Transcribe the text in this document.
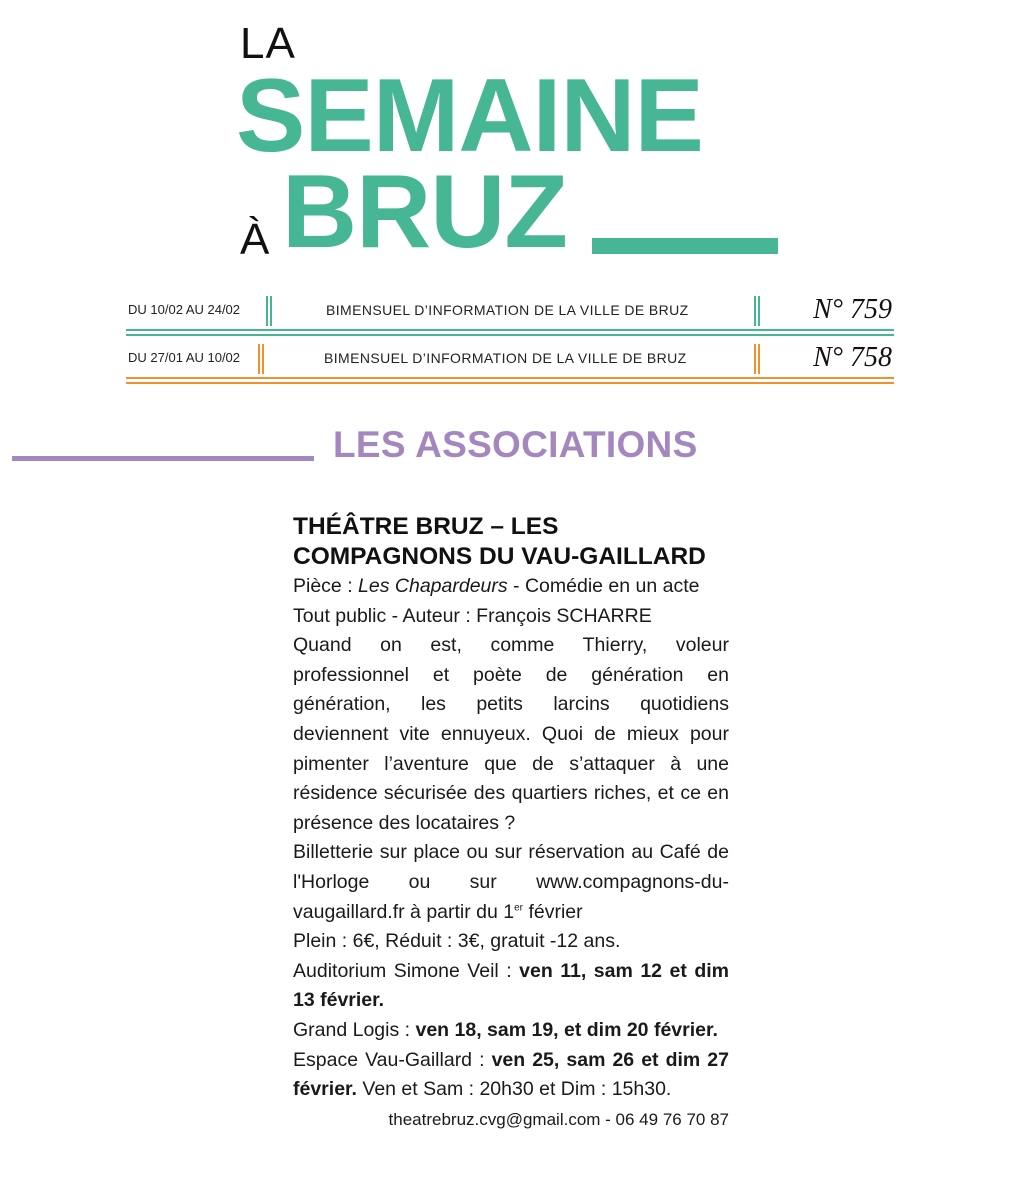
LA
SEMAINE
À BRUZ
DU 10/02 AU 24/02	BIMENSUEL D’INFORMATION DE LA VILLE DE BRUZ	N° 759
DU 27/01 AU 10/02	BIMENSUEL D’INFORMATION DE LA VILLE DE BRUZ	N° 758
LES ASSOCIATIONS
THÉÂTRE BRUZ – LES
COMPAGNONS DU VAU-GAILLARD

Pièce : Les Chapardeurs - Comédie en un acte

Tout public - Auteur : François SCHARRE

Quand on est, comme Thierry, voleur professionnel et poète de génération en génération, les petits larcins quotidiens deviennent vite ennuyeux. Quoi de mieux pour pimenter l’aventure que de s’attaquer à une résidence sécurisée des quartiers riches, et ce en présence des locataires ?

Billetterie sur place ou sur réservation au Café de l'Horloge ou sur www.compagnons-du-vaugaillard.fr à partir du 1er février

Plein : 6€, Réduit : 3€, gratuit -12 ans.

Auditorium Simone Veil : ven 11, sam 12 et dim 13 février.

Grand Logis : ven 18, sam 19, et dim 20 février.

Espace Vau-Gaillard : ven 25, sam 26 et dim 27 février. Ven et Sam : 20h30 et Dim : 15h30.

theatrebruz.cvg@gmail.com - 06 49 76 70 87
